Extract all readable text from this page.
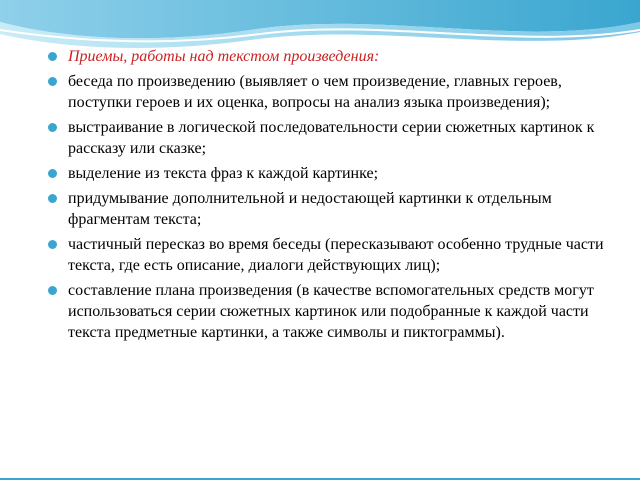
Приемы, работы над текстом произведения:
беседа по произведению (выявляет о чем произведение, главных героев, поступки героев и их оценка, вопросы на анализ языка произведения);
выстраивание в логической последовательности серии сюжетных картинок к рассказу или сказке;
выделение из текста фраз к каждой картинке;
придумывание дополнительной и недостающей картинки к отдельным фрагментам текста;
частичный пересказ во время беседы (пересказывают особенно трудные части текста, где есть описание, диалоги действующих лиц);
составление плана произведения (в качестве вспомогательных средств могут использоваться серии сюжетных картинок или подобранные к каждой части текста предметные картинки, а также символы и пиктограммы).
